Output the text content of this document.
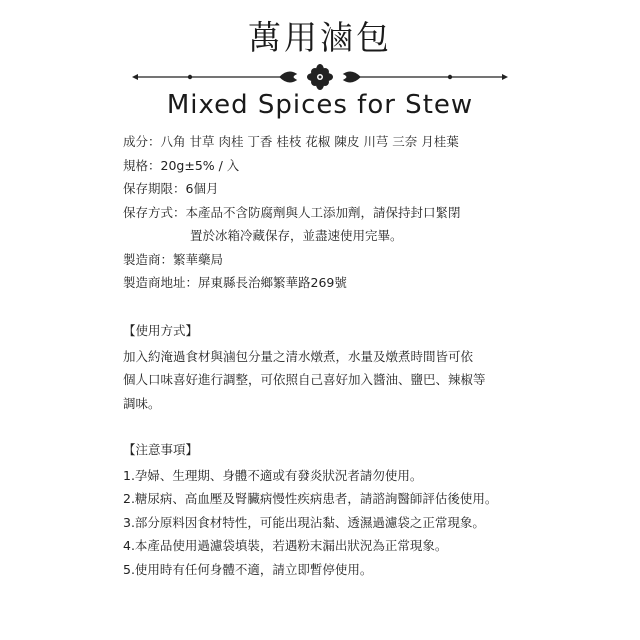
萬用滷包
Mixed Spices for Stew
成分：八角 甘草 肉桂 丁香 桂枝 花椒 陳皮 川芎 三奈 月桂葉
規格：20g±5% / 入
保存期限：6個月
保存方式：本產品不含防腐劑與人工添加劑，請保持封口緊閉
置於冰箱冷藏保存，並盡速使用完畢。
製造商：繁華藥局
製造商地址：屏東縣長治鄉繁華路269號
【使用方式】
加入約淹過食材與滷包分量之清水燉煮，水量及燉煮時間皆可依
個人口味喜好進行調整，可依照自己喜好加入醬油、鹽巴、辣椒等
調味。
【注意事項】
1.孕婦、生理期、身體不適或有發炎狀況者請勿使用。
2.糖尿病、高血壓及腎臟病慢性疾病患者，請諮詢醫師評估後使用。
3.部分原料因食材特性，可能出現沾黏、透濕過濾袋之正常現象。
4.本產品使用過濾袋填裝，若遇粉末漏出狀況為正常現象。
5.使用時有任何身體不適，請立即暫停使用。
